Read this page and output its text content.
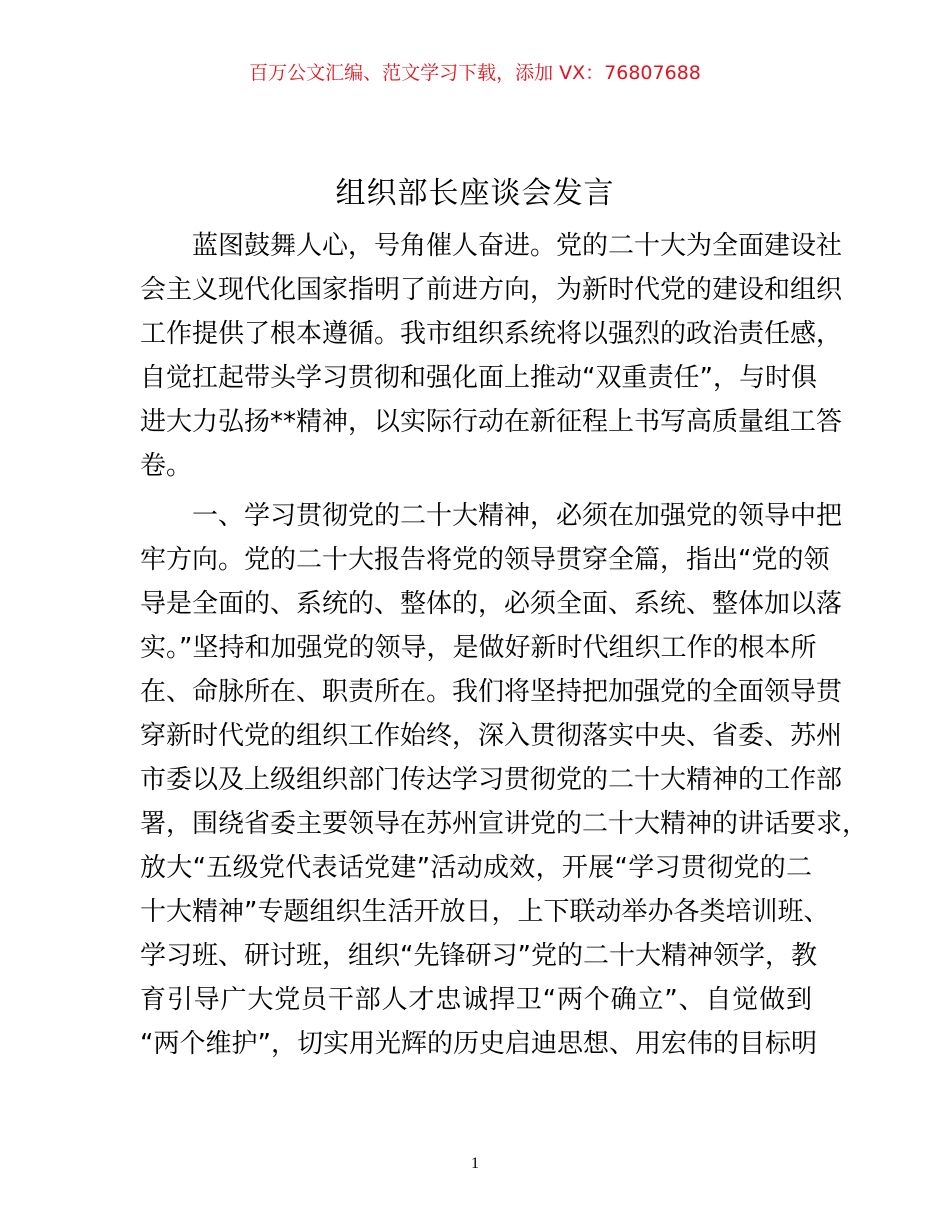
百万公文汇编、范文学习下载，添加 VX：76807688
组织部长座谈会发言
蓝图鼓舞人心，号角催人奋进。党的二十大为全面建设社
会主义现代化国家指明了前进方向，为新时代党的建设和组织
工作提供了根本遵循。我市组织系统将以强烈的政治责任感，
自觉扛起带头学习贯彻和强化面上推动“双重责任”，与时俱
进大力弘扬**精神，以实际行动在新征程上书写高质量组工答
卷。
一、学习贯彻党的二十大精神，必须在加强党的领导中把
牢方向。党的二十大报告将党的领导贯穿全篇，指出“党的领
导是全面的、系统的、整体的，必须全面、系统、整体加以落
实。”坚持和加强党的领导，是做好新时代组织工作的根本所
在、命脉所在、职责所在。我们将坚持把加强党的全面领导贯
穿新时代党的组织工作始终，深入贯彻落实中央、省委、苏州
市委以及上级组织部门传达学习贯彻党的二十大精神的工作部
署，围绕省委主要领导在苏州宣讲党的二十大精神的讲话要求，
放大“五级党代表话党建”活动成效，开展“学习贯彻党的二
十大精神”专题组织生活开放日，上下联动举办各类培训班、
学习班、研讨班，组织“先锋研习”党的二十大精神领学，教
育引导广大党员干部人才忠诚捍卫“两个确立”、自觉做到
“两个维护”，切实用光辉的历史启迪思想、用宏伟的目标明
1
